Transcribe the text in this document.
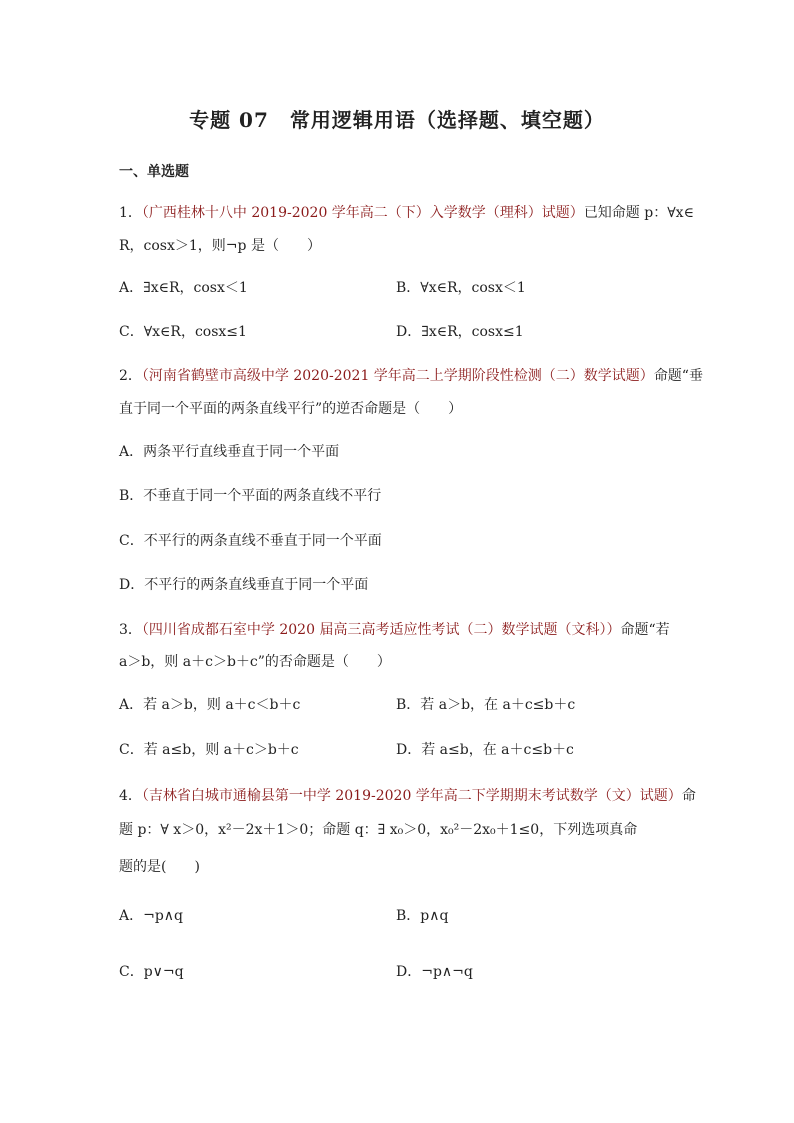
专题 07　常用逻辑用语（选择题、填空题）
一、单选题
1．（广西桂林十八中 2019-2020 学年高二（下）入学数学（理科）试题）已知命题 p：∀x∈
R，cosx＞1，则¬p 是（　　）
A．∃x∈R，cosx＜1	B．∀x∈R，cosx＜1
C．∀x∈R，cosx≤1	D．∃x∈R，cosx≤1
2．（河南省鹤壁市高级中学 2020-2021 学年高二上学期阶段性检测（二）数学试题）命题“垂
直于同一个平面的两条直线平行”的逆否命题是（　　）
A．两条平行直线垂直于同一个平面
B．不垂直于同一个平面的两条直线不平行
C．不平行的两条直线不垂直于同一个平面
D．不平行的两条直线垂直于同一个平面
3．（四川省成都石室中学 2020 届高三高考适应性考试（二）数学试题（文科））命题“若
a＞b，则 a＋c＞b＋c”的否命题是（　　）
A．若 a＞b，则 a＋c＜b＋c	B．若 a＞b，在 a＋c≤b＋c
C．若 a≤b，则 a＋c＞b＋c	D．若 a≤b，在 a＋c≤b＋c
4．（吉林省白城市通榆县第一中学 2019-2020 学年高二下学期期末考试数学（文）试题）命
题 p：∀ x＞0，x²－2x＋1＞0；命题 q：∃ x₀＞0，x₀²－2x₀＋1≤0，下列选项真命
题的是(　　)
A．¬p∧q	B．p∧q
C．p∨¬q	D．¬p∧¬q
